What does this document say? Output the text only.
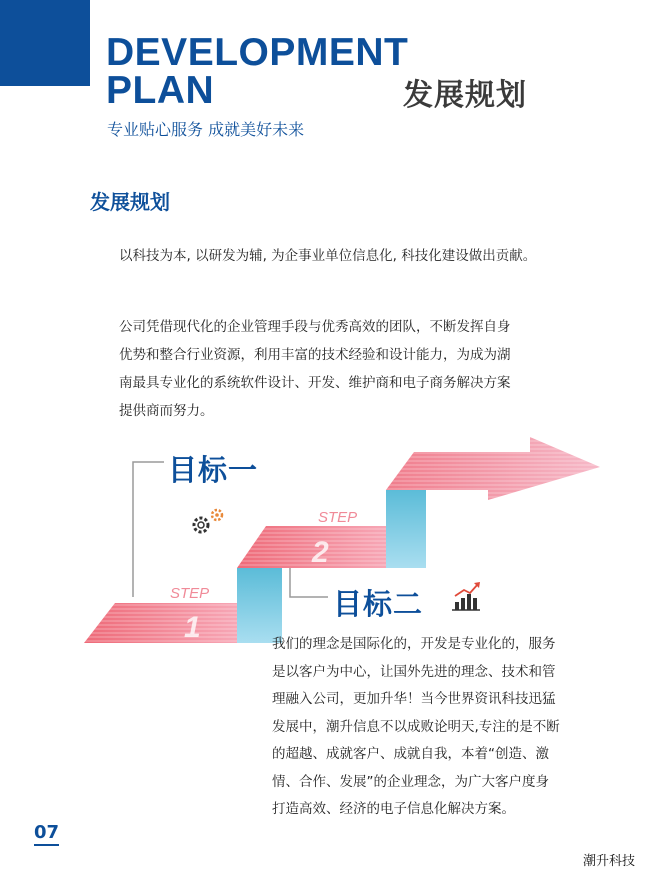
DEVELOPMENT
PLAN	发展规划
专业贴心服务 成就美好未来
发展规划
以科技为本, 以研发为辅, 为企事业单位信息化, 科技化建设做出贡献。
公司凭借现代化的企业管理手段与优秀高效的团队，不断发挥自身
优势和整合行业资源，利用丰富的技术经验和设计能力，为成为湖
南最具专业化的系统软件设计、开发、维护商和电子商务解决方案
提供商而努力。
STEP
1
STEP
2
目标一
目标二
我们的理念是国际化的，开发是专业化的，服务
是以客户为中心，让国外先进的理念、技术和管
理融入公司，更加升华！当今世界资讯科技迅猛
发展中，潮升信息不以成败论明天,专注的是不断
的超越、成就客户、成就自我，本着“创造、激
情、合作、发展”的企业理念，为广大客户度身
打造高效、经济的电子信息化解决方案。
07
潮升科技
